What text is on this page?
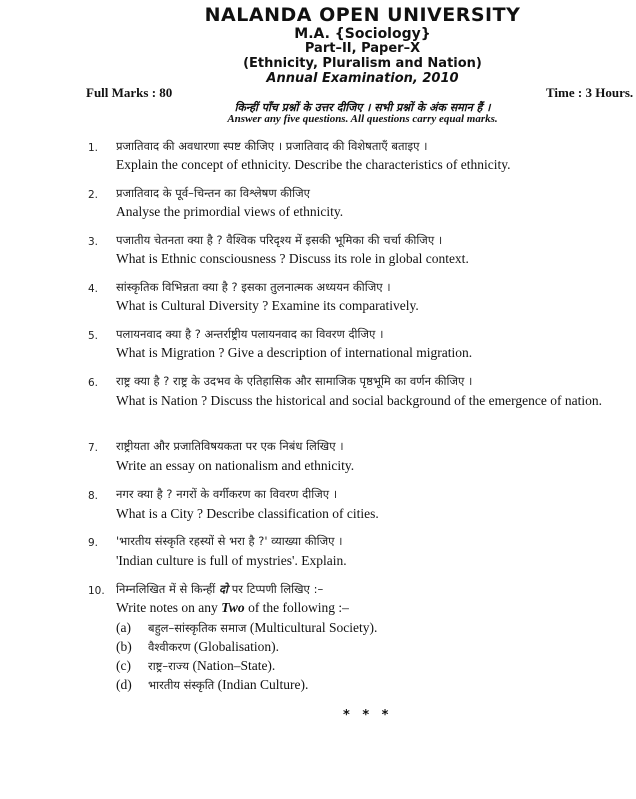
NALANDA OPEN UNIVERSITY
M.A. {Sociology}
Part–II, Paper–X
(Ethnicity, Pluralism and Nation)
Annual Examination, 2010
Full Marks : 80	Time : 3 Hours.
किन्हीं पाँच प्रश्नों के उत्तर दीजिए । सभी प्रश्नों के अंक समान हैं ।
Answer any five questions. All questions carry equal marks.
1.	प्रजातिवाद की अवधारणा स्पष्ट कीजिए । प्रजातिवाद की विशेषताएँ बताइए ।
Explain the concept of ethnicity. Describe the characteristics of ethnicity.
2.	प्रजातिवाद के पूर्व–चिन्तन का विश्लेषण कीजिए
Analyse the primordial views of ethnicity.
3.	पजातीय चेतनता क्या है ? वैश्विक परिदृश्य में इसकी भूमिका की चर्चा कीजिए ।
What is Ethnic consciousness ? Discuss its role in global context.
4.	सांस्कृतिक विभिन्नता क्या है ? इसका तुलनात्मक अध्ययन कीजिए ।
What is Cultural Diversity ? Examine its comparatively.
5.	पलायनवाद क्या है ? अन्तर्राष्ट्रीय पलायनवाद का विवरण दीजिए ।
What is Migration ? Give a description of international migration.
6.	राष्ट्र क्या है ? राष्ट्र के उदभव के एतिहासिक और सामाजिक पृष्ठभूमि का वर्णन कीजिए ।
What is Nation ? Discuss the historical and social background of the emergence of nation.
7.	राष्ट्रीयता और प्रजातिविषयकता पर एक निबंध लिखिए ।
Write an essay on nationalism and ethnicity.
8.	नगर क्या है ? नगरों के वर्गीकरण का विवरण दीजिए ।
What is a City ? Describe classification of cities.
9.	'भारतीय संस्कृति रहस्यों से भरा है ?' व्याख्या कीजिए ।
'Indian culture is full of mystries'. Explain.
10. निम्नलिखित में से किन्हीं दो पर टिप्पणी लिखिए :–
Write notes on any Two of the following :–
(a) बहुल–सांस्कृतिक समाज (Multicultural Society).
(b) वैश्वीकरण (Globalisation).
(c) राष्ट्र–राज्य (Nation–State).
(d) भारतीय संस्कृति (Indian Culture).
* * *
